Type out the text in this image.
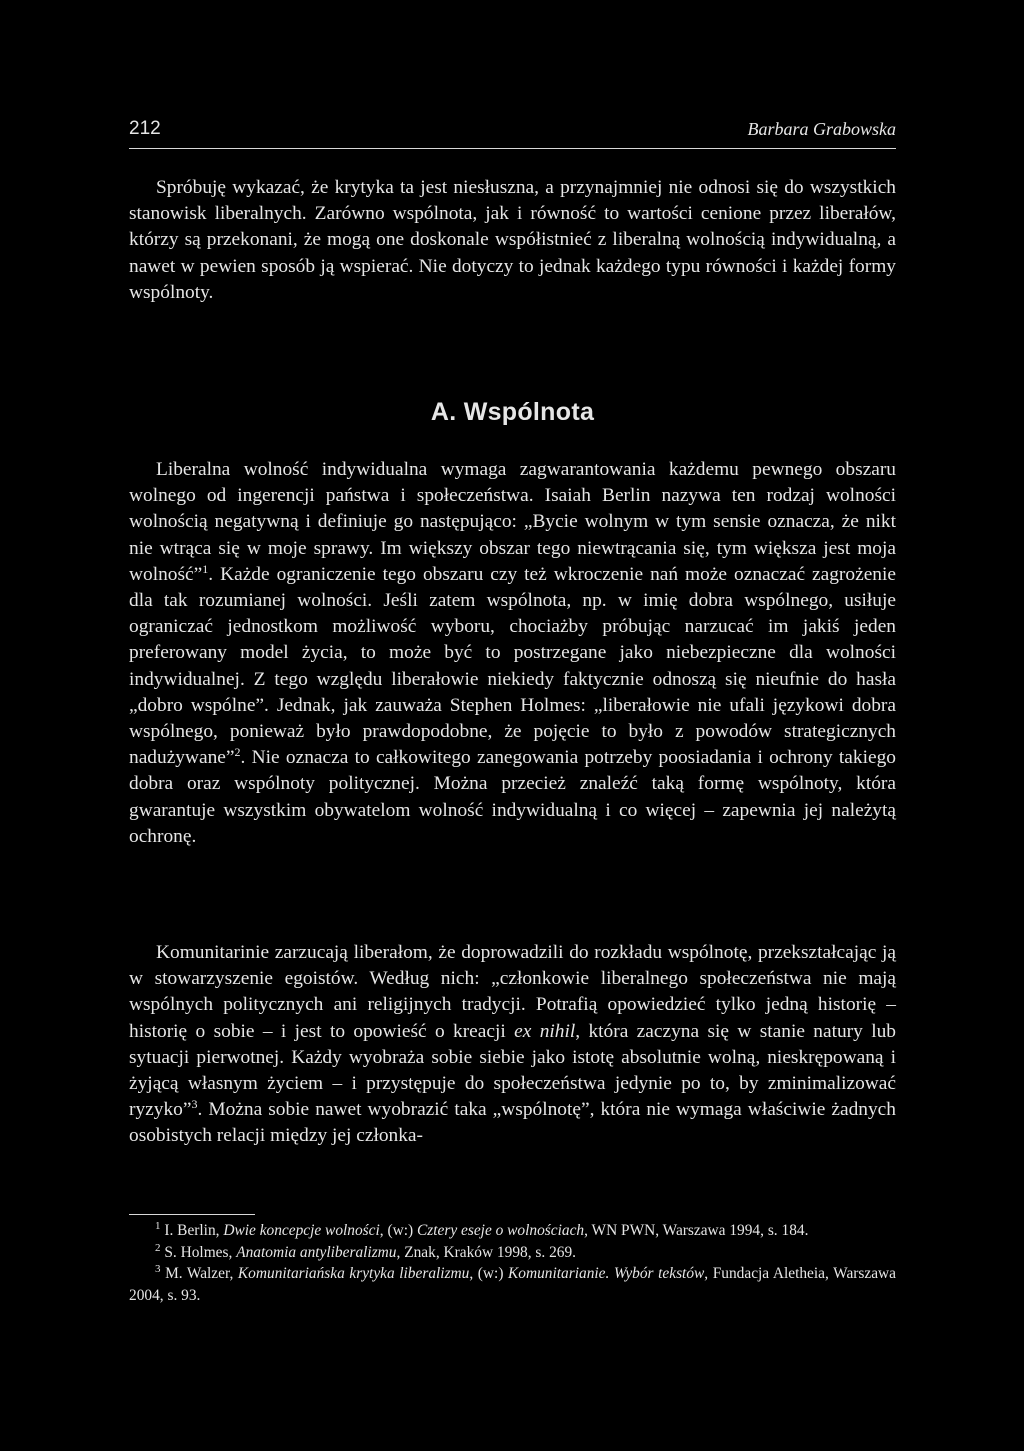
212	Barbara Grabowska

Spróbuję wykazać, że krytyka ta jest niesłuszna, a przynajmniej nie odnosi się do wszystkich stanowisk liberalnych. Zarówno wspólnota, jak i równość to wartości cenione przez liberałów, którzy są przekonani, że mogą one doskonale współistnieć z liberalną wolnością indywidualną, a nawet w pewien sposób ją wspierać. Nie dotyczy to jednak każdego typu równości i każdej formy wspólnoty.

A. Wspólnota

Liberalna wolność indywidualna wymaga zagwarantowania każdemu pewnego obszaru wolnego od ingerencji państwa i społeczeństwa. Isaiah Berlin nazywa ten rodzaj wolności wolnością negatywną i definiuje go następująco: „Bycie wolnym w tym sensie oznacza, że nikt nie wtrąca się w moje sprawy. Im większy obszar tego niewtrącania się, tym większa jest moja wolność”$^1$. Każde ograniczenie tego obszaru czy też wkroczenie nań może oznaczać zagrożenie dla tak rozumianej wolności. Jeśli zatem wspólnota, np. w imię dobra wspólnego, usiłuje ograniczać jednostkom możliwość wyboru, chociażby próbując narzucać im jakiś jeden preferowany model życia, to może być to postrzegane jako niebezpieczne dla wolności indywidualnej. Z tego względu liberałowie niekiedy faktycznie odnoszą się nieufnie do hasła „dobro wspólne”. Jednak, jak zauważa Stephen Holmes: „liberałowie nie ufali językowi dobra wspólnego, ponieważ było prawdopodobne, że pojęcie to było z powodów strategicznych nadużywane”$^2$. Nie oznacza to całkowitego zanegowania potrzeby poosiadania i ochrony takiego dobra oraz wspólnoty politycznej. Można przecież znaleźć taką formę wspólnoty, która gwarantuje wszystkim obywatelom wolność indywidualną i co więcej – zapewnia jej należytą ochronę.

Komunitarinie zarzucają liberałom, że doprowadzili do rozkładu wspólnotę, przekształcając ją w stowarzyszenie egoistów. Według nich: „członkowie liberalnego społeczeństwa nie mają wspólnych politycznych ani religijnych tradycji. Potrafią opowiedzieć tylko jedną historię – historię o sobie – i jest to opowieść o kreacji ex nihil, która zaczyna się w stanie natury lub sytuacji pierwotnej. Każdy wyobraża sobie siebie jako istotę absolutnie wolną, nieskrępowaną i żyjącą własnym życiem – i przystępuje do społeczeństwa jedynie po to, by zminimalizować ryzyko”$^3$. Można sobie nawet wyobrazić taka „wspólnotę”, która nie wymaga właściwie żadnych osobistych relacji między jej członka-

$^1$ I. Berlin, Dwie koncepcje wolności, (w:) Cztery eseje o wolnościach, WN PWN, Warszawa 1994, s. 184.

$^2$ S. Holmes, Anatomia antyliberalizmu, Znak, Kraków 1998, s. 269.

$^3$ M. Walzer, Komunitariańska krytyka liberalizmu, (w:) Komunitarianie. Wybór tekstów, Fundacja Aletheia, Warszawa 2004, s. 93.
